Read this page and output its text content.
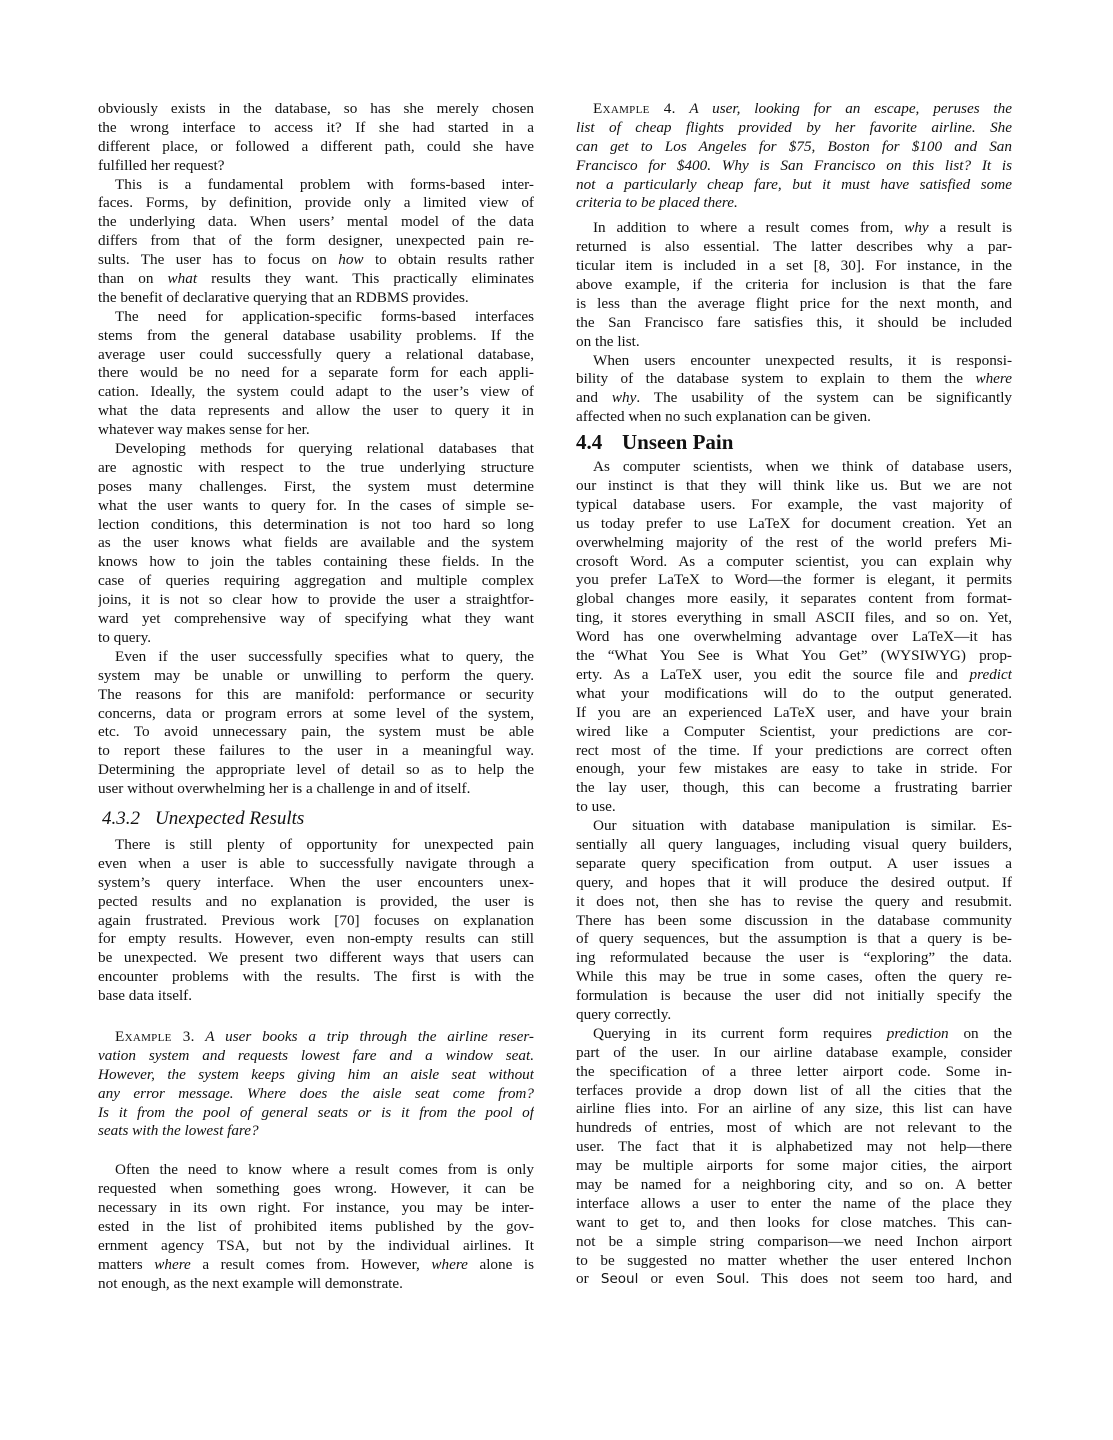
obviously exists in the database, so has she merely chosen
the wrong interface to access it? If she had started in a
different place, or followed a different path, could she have
fulfilled her request?
This is a fundamental problem with forms-based inter-
faces. Forms, by definition, provide only a limited view of
the underlying data. When users’ mental model of the data
differs from that of the form designer, unexpected pain re-
sults. The user has to focus on how to obtain results rather
than on what results they want. This practically eliminates
the benefit of declarative querying that an RDBMS provides.
The need for application-specific forms-based interfaces
stems from the general database usability problems. If the
average user could successfully query a relational database,
there would be no need for a separate form for each appli-
cation. Ideally, the system could adapt to the user’s view of
what the data represents and allow the user to query it in
whatever way makes sense for her.
Developing methods for querying relational databases that
are agnostic with respect to the true underlying structure
poses many challenges. First, the system must determine
what the user wants to query for. In the cases of simple se-
lection conditions, this determination is not too hard so long
as the user knows what fields are available and the system
knows how to join the tables containing these fields. In the
case of queries requiring aggregation and multiple complex
joins, it is not so clear how to provide the user a straightfor-
ward yet comprehensive way of specifying what they want
to query.
Even if the user successfully specifies what to query, the
system may be unable or unwilling to perform the query.
The reasons for this are manifold: performance or security
concerns, data or program errors at some level of the system,
etc. To avoid unnecessary pain, the system must be able
to report these failures to the user in a meaningful way.
Determining the appropriate level of detail so as to help the
user without overwhelming her is a challenge in and of itself.
4.3.2 Unexpected Results
There is still plenty of opportunity for unexpected pain
even when a user is able to successfully navigate through a
system’s query interface. When the user encounters unex-
pected results and no explanation is provided, the user is
again frustrated. Previous work [70] focuses on explanation
for empty results. However, even non-empty results can still
be unexpected. We present two different ways that users can
encounter problems with the results. The first is with the
base data itself.
Example 3. A user books a trip through the airline reser-
vation system and requests lowest fare and a window seat.
However, the system keeps giving him an aisle seat without
any error message. Where does the aisle seat come from?
Is it from the pool of general seats or is it from the pool of
seats with the lowest fare?
Often the need to know where a result comes from is only
requested when something goes wrong. However, it can be
necessary in its own right. For instance, you may be inter-
ested in the list of prohibited items published by the gov-
ernment agency TSA, but not by the individual airlines. It
matters where a result comes from. However, where alone is
not enough, as the next example will demonstrate.
Example 4. A user, looking for an escape, peruses the
list of cheap flights provided by her favorite airline. She
can get to Los Angeles for $75, Boston for $100 and San
Francisco for $400. Why is San Francisco on this list? It is
not a particularly cheap fare, but it must have satisfied some
criteria to be placed there.
In addition to where a result comes from, why a result is
returned is also essential. The latter describes why a par-
ticular item is included in a set [8, 30]. For instance, in the
above example, if the criteria for inclusion is that the fare
is less than the average flight price for the next month, and
the San Francisco fare satisfies this, it should be included
on the list.
When users encounter unexpected results, it is responsi-
bility of the database system to explain to them the where
and why. The usability of the system can be significantly
affected when no such explanation can be given.
4.4 Unseen Pain
As computer scientists, when we think of database users,
our instinct is that they will think like us. But we are not
typical database users. For example, the vast majority of
us today prefer to use LaTeX for document creation. Yet an
overwhelming majority of the rest of the world prefers Mi-
crosoft Word. As a computer scientist, you can explain why
you prefer LaTeX to Word—the former is elegant, it permits
global changes more easily, it separates content from format-
ting, it stores everything in small ASCII files, and so on. Yet,
Word has one overwhelming advantage over LaTeX—it has
the “What You See is What You Get” (WYSIWYG) prop-
erty. As a LaTeX user, you edit the source file and predict
what your modifications will do to the output generated.
If you are an experienced LaTeX user, and have your brain
wired like a Computer Scientist, your predictions are cor-
rect most of the time. If your predictions are correct often
enough, your few mistakes are easy to take in stride. For
the lay user, though, this can become a frustrating barrier
to use.
Our situation with database manipulation is similar. Es-
sentially all query languages, including visual query builders,
separate query specification from output. A user issues a
query, and hopes that it will produce the desired output. If
it does not, then she has to revise the query and resubmit.
There has been some discussion in the database community
of query sequences, but the assumption is that a query is be-
ing reformulated because the user is “exploring” the data.
While this may be true in some cases, often the query re-
formulation is because the user did not initially specify the
query correctly.
Querying in its current form requires prediction on the
part of the user. In our airline database example, consider
the specification of a three letter airport code. Some in-
terfaces provide a drop down list of all the cities that the
airline flies into. For an airline of any size, this list can have
hundreds of entries, most of which are not relevant to the
user. The fact that it is alphabetized may not help—there
may be multiple airports for some major cities, the airport
may be named for a neighboring city, and so on. A better
interface allows a user to enter the name of the place they
want to get to, and then looks for close matches. This can-
not be a simple string comparison—we need Inchon airport
to be suggested no matter whether the user entered Inchon
or Seoul or even Soul. This does not seem too hard, and
